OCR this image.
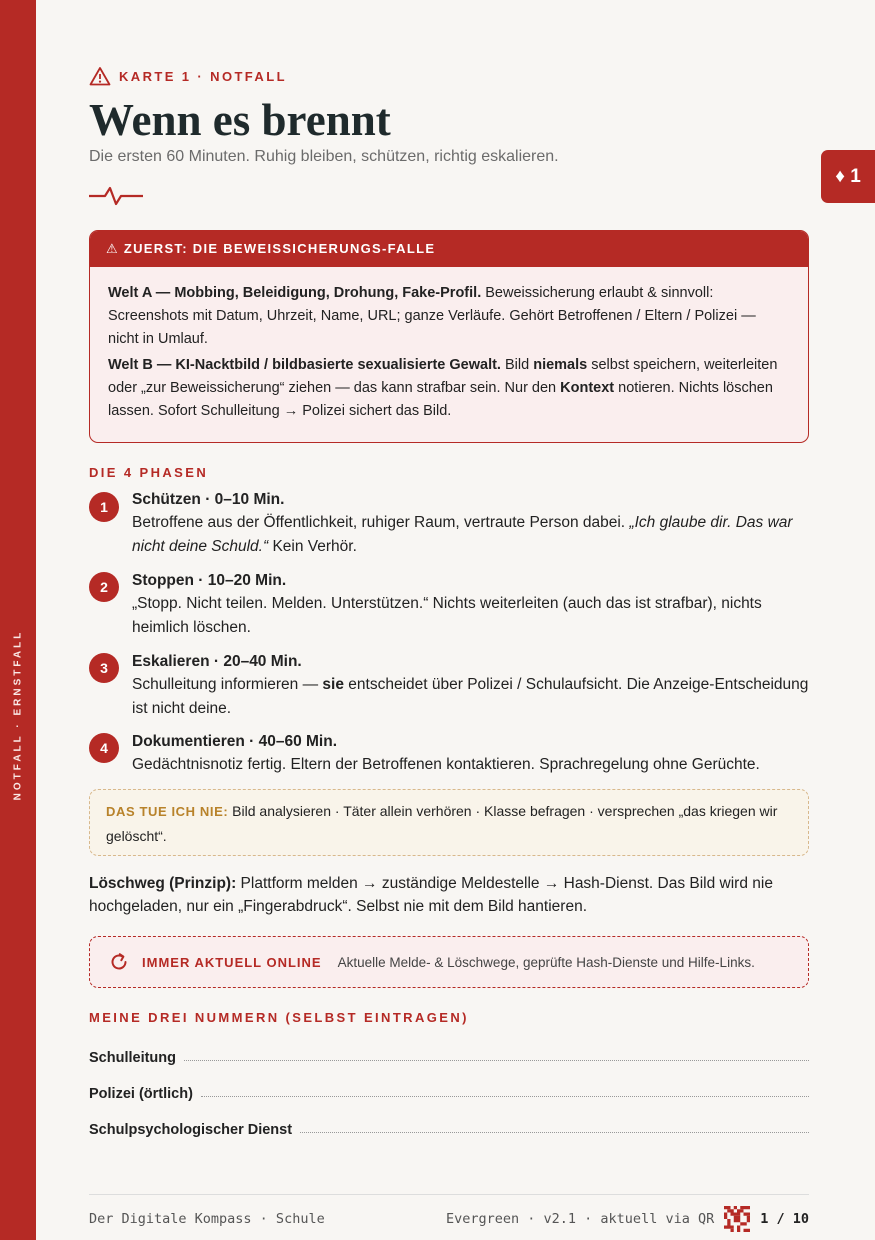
NOTFALL · ERNSTFALL
♦ 1
KARTE 1 · NOTFALL
Wenn es brennt
Die ersten 60 Minuten. Ruhig bleiben, schützen, richtig eskalieren.
⚠ ZUERST: DIE BEWEISSICHERUNGS-FALLE

Welt A — Mobbing, Beleidigung, Drohung, Fake-Profil. Beweissicherung erlaubt & sinnvoll: Screenshots mit Datum, Uhrzeit, Name, URL; ganze Verläufe. Gehört Betroffenen / Eltern / Polizei — nicht in Umlauf.

Welt B — KI-Nacktbild / bildbasierte sexualisierte Gewalt. Bild niemals selbst speichern, weiterleiten oder „zur Beweissicherung“ ziehen — das kann strafbar sein. Nur den Kontext notieren. Nichts löschen lassen. Sofort Schulleitung → Polizei sichert das Bild.

DIE 4 PHASEN
1	Schützen · 0–10 Min.
Betroffene aus der Öffentlichkeit, ruhiger Raum, vertraute Person dabei. „Ich glaube dir. Das war nicht deine Schuld.“ Kein Verhör.
2	Stoppen · 10–20 Min.
„Stopp. Nicht teilen. Melden. Unterstützen.“ Nichts weiterleiten (auch das ist strafbar), nichts heimlich löschen.
3	Eskalieren · 20–40 Min.
Schulleitung informieren — sie entscheidet über Polizei / Schulaufsicht. Die Anzeige-Entscheidung ist nicht deine.
4	Dokumentieren · 40–60 Min.
Gedächtnisnotiz fertig. Eltern der Betroffenen kontaktieren. Sprachregelung ohne Gerüchte.
DAS TUE ICH NIE: Bild analysieren · Täter allein verhören · Klasse befragen · versprechen „das kriegen wir gelöscht“.
Löschweg (Prinzip): Plattform melden → zuständige Meldestelle → Hash-Dienst. Das Bild wird nie hochgeladen, nur ein „Fingerabdruck“. Selbst nie mit dem Bild hantieren.
IMMER AKTUELL ONLINE Aktuelle Melde- & Löschwege, geprüfte Hash-Dienste und Hilfe-Links.
MEINE DREI NUMMERN (SELBST EINTRAGEN)
Schulleitung
Polizei (örtlich)
Schulpsychologischer Dienst
Der Digitale Kompass · Schule	Evergreen · v2.1 · aktuell via QR	1 / 10
